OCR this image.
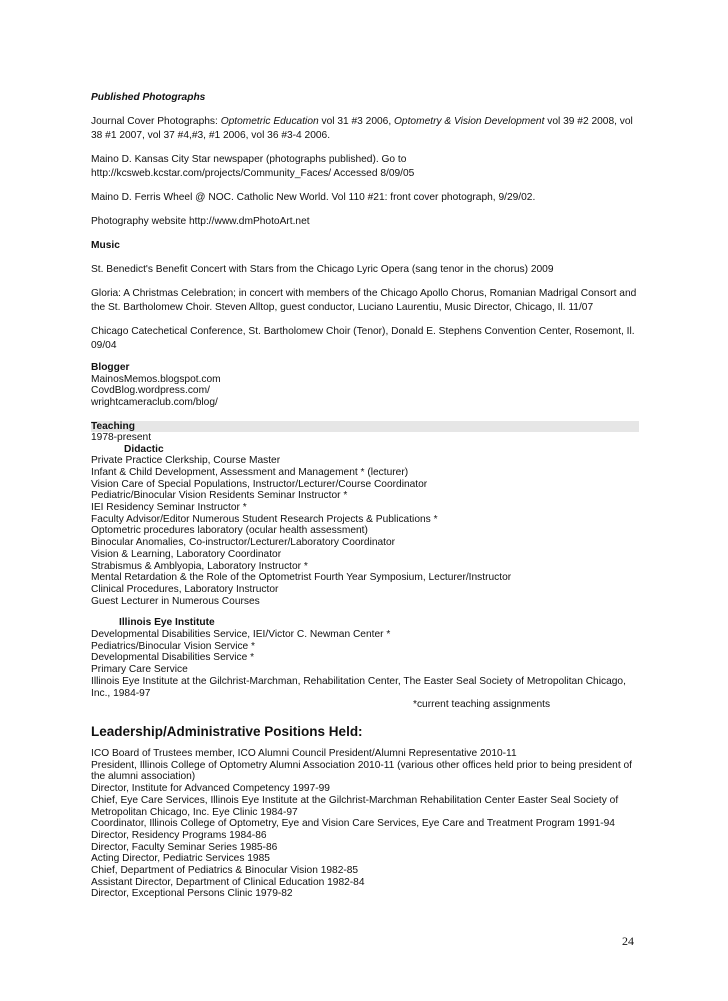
Published Photographs
Journal Cover Photographs: Optometric Education vol 31 #3 2006, Optometry & Vision Development vol 39 #2 2008, vol 38 #1 2007, vol 37 #4,#3, #1 2006, vol 36 #3-4 2006.
Maino D. Kansas City Star newspaper (photographs published). Go to
http://kcsweb.kcstar.com/projects/Community_Faces/ Accessed 8/09/05
Maino D. Ferris Wheel @ NOC. Catholic New World. Vol 110 #21: front cover photograph, 9/29/02.
Photography website http://www.dmPhotoArt.net
Music
St. Benedict's Benefit Concert with Stars from the Chicago Lyric Opera (sang tenor in the chorus) 2009
Gloria: A Christmas Celebration; in concert with members of the Chicago Apollo Chorus, Romanian Madrigal Consort and the St. Bartholomew Choir. Steven Alltop, guest conductor, Luciano Laurentiu, Music Director, Chicago, Il. 11/07
Chicago Catechetical Conference, St. Bartholomew Choir (Tenor), Donald E. Stephens Convention Center, Rosemont, Il. 09/04
Blogger
MainosMemos.blogspot.com
CovdBlog.wordpress.com/
wrightcameraclub.com/blog/
Teaching
1978-present
Didactic
Private Practice Clerkship, Course Master
Infant & Child Development, Assessment and Management * (lecturer)
Vision Care of Special Populations, Instructor/Lecturer/Course Coordinator
Pediatric/Binocular Vision Residents Seminar Instructor *
IEI Residency Seminar Instructor *
Faculty Advisor/Editor Numerous Student Research Projects & Publications *
Optometric procedures laboratory (ocular health assessment)
Binocular Anomalies, Co-instructor/Lecturer/Laboratory Coordinator
Vision & Learning, Laboratory Coordinator
Strabismus & Amblyopia, Laboratory Instructor *
Mental Retardation & the Role of the Optometrist Fourth Year Symposium, Lecturer/Instructor
Clinical Procedures, Laboratory Instructor
Guest Lecturer in Numerous Courses
Illinois Eye Institute
Developmental Disabilities Service, IEI/Victor C. Newman Center *
Pediatrics/Binocular Vision Service *
Developmental Disabilities Service *
Primary Care Service
Illinois Eye Institute at the Gilchrist-Marchman, Rehabilitation Center, The Easter Seal Society of Metropolitan Chicago, Inc., 1984-97
*current teaching assignments
Leadership/Administrative Positions Held:
ICO Board of Trustees member, ICO Alumni Council President/Alumni Representative 2010-11
President, Illinois College of Optometry Alumni Association 2010-11 (various other offices held prior to being president of the alumni association)
Director, Institute for Advanced Competency 1997-99
Chief, Eye Care Services, Illinois Eye Institute at the Gilchrist-Marchman Rehabilitation Center Easter Seal Society of Metropolitan Chicago, Inc. Eye Clinic 1984-97
Coordinator, Illinois College of Optometry, Eye and Vision Care Services, Eye Care and Treatment Program 1991-94
Director, Residency Programs 1984-86
Director, Faculty Seminar Series 1985-86
Acting Director, Pediatric Services 1985
Chief, Department of Pediatrics & Binocular Vision 1982-85
Assistant Director, Department of Clinical Education 1982-84
Director, Exceptional Persons Clinic 1979-82
24
